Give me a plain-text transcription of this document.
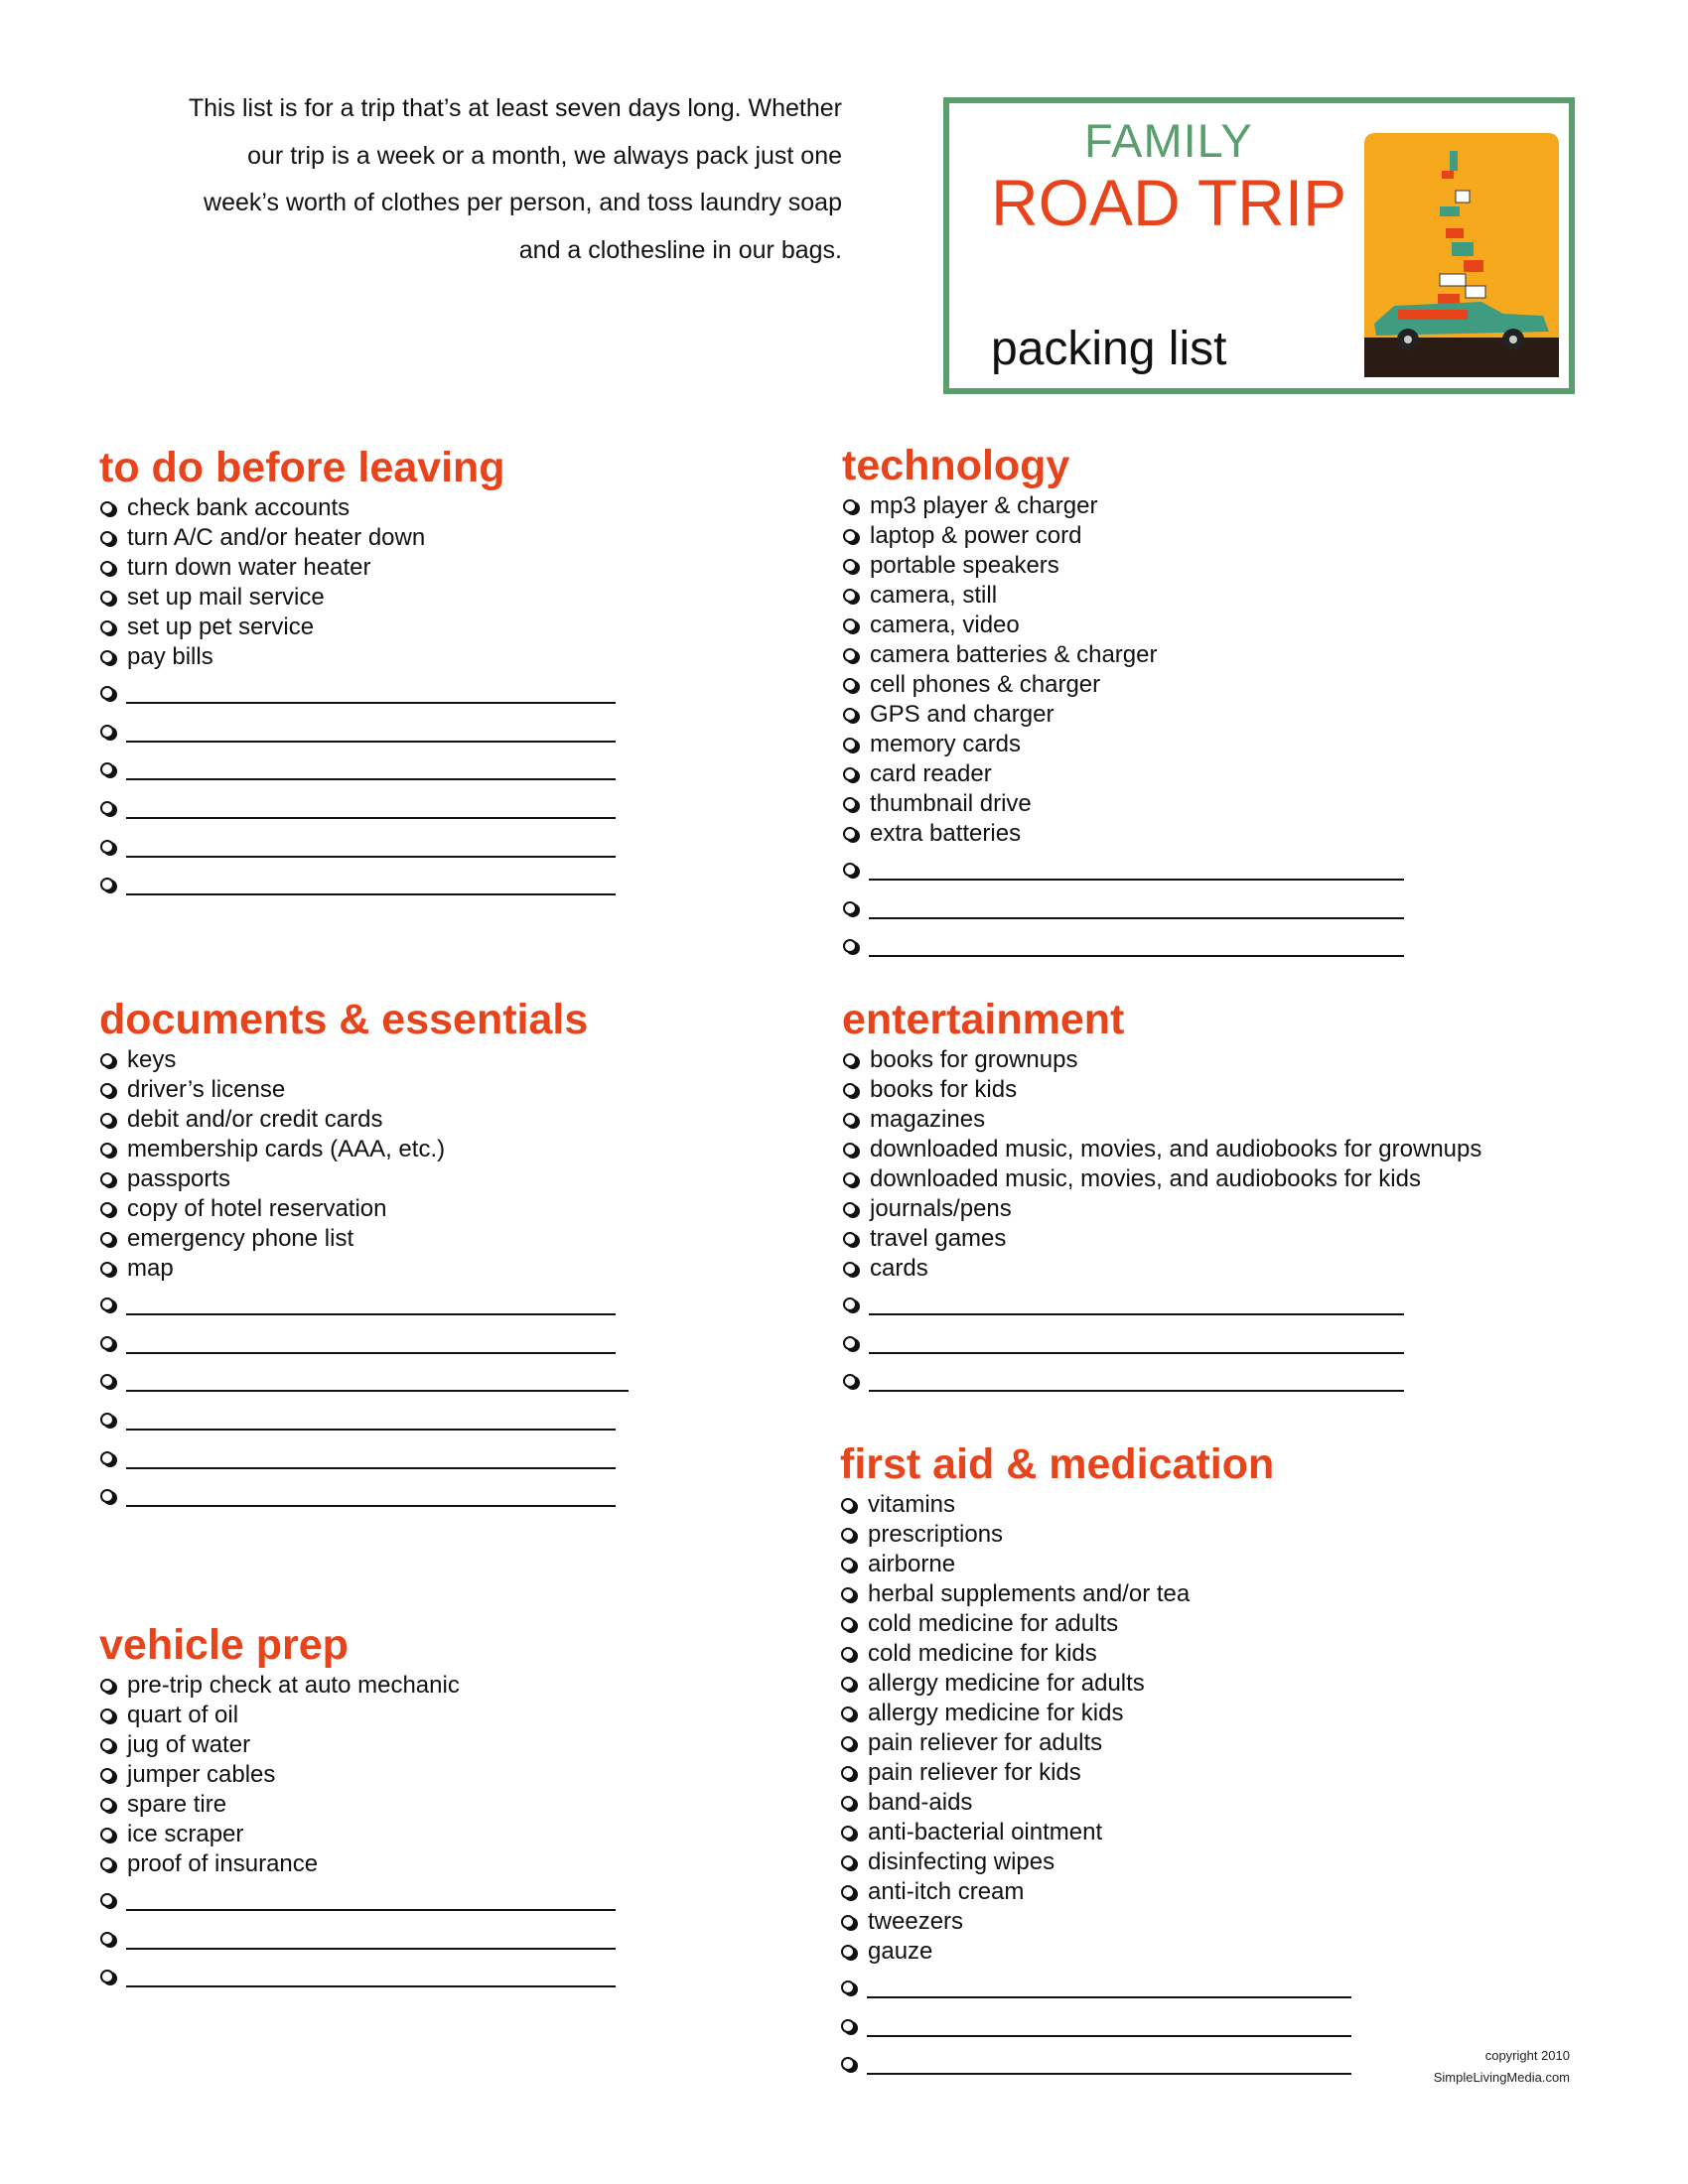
This list is for a trip that’s at least seven days long. Whether
our trip is a week or a month, we always pack just one
week’s worth of clothes per person, and toss laundry soap
and a clothesline in our bags.
FAMILY
ROAD TRIP
packing list
to do before leaving
check bank accounts
turn A/C and/or heater down
turn down water heater
set up mail service
set up pet service
pay bills
documents & essentials
keys
driver’s license
debit and/or credit cards
membership cards (AAA, etc.)
passports
copy of hotel reservation
emergency phone list
map
vehicle prep
pre-trip check at auto mechanic
quart of oil
jug of water
jumper cables
spare tire
ice scraper
proof of insurance
technology
mp3 player & charger
laptop & power cord
portable speakers
camera, still
camera, video
camera batteries & charger
cell phones & charger
GPS and charger
memory cards
card reader
thumbnail drive
extra batteries
entertainment
books for grownups
books for kids
magazines
downloaded music, movies, and audiobooks for grownups
downloaded music, movies, and audiobooks for kids
journals/pens
travel games
cards
first aid & medication
vitamins
prescriptions
airborne
herbal supplements and/or tea
cold medicine for adults
cold medicine for kids
allergy medicine for adults
allergy medicine for kids
pain reliever for adults
pain reliever for kids
band-aids
anti-bacterial ointment
disinfecting wipes
anti-itch cream
tweezers
gauze
copyright 2010
SimpleLivingMedia.com
